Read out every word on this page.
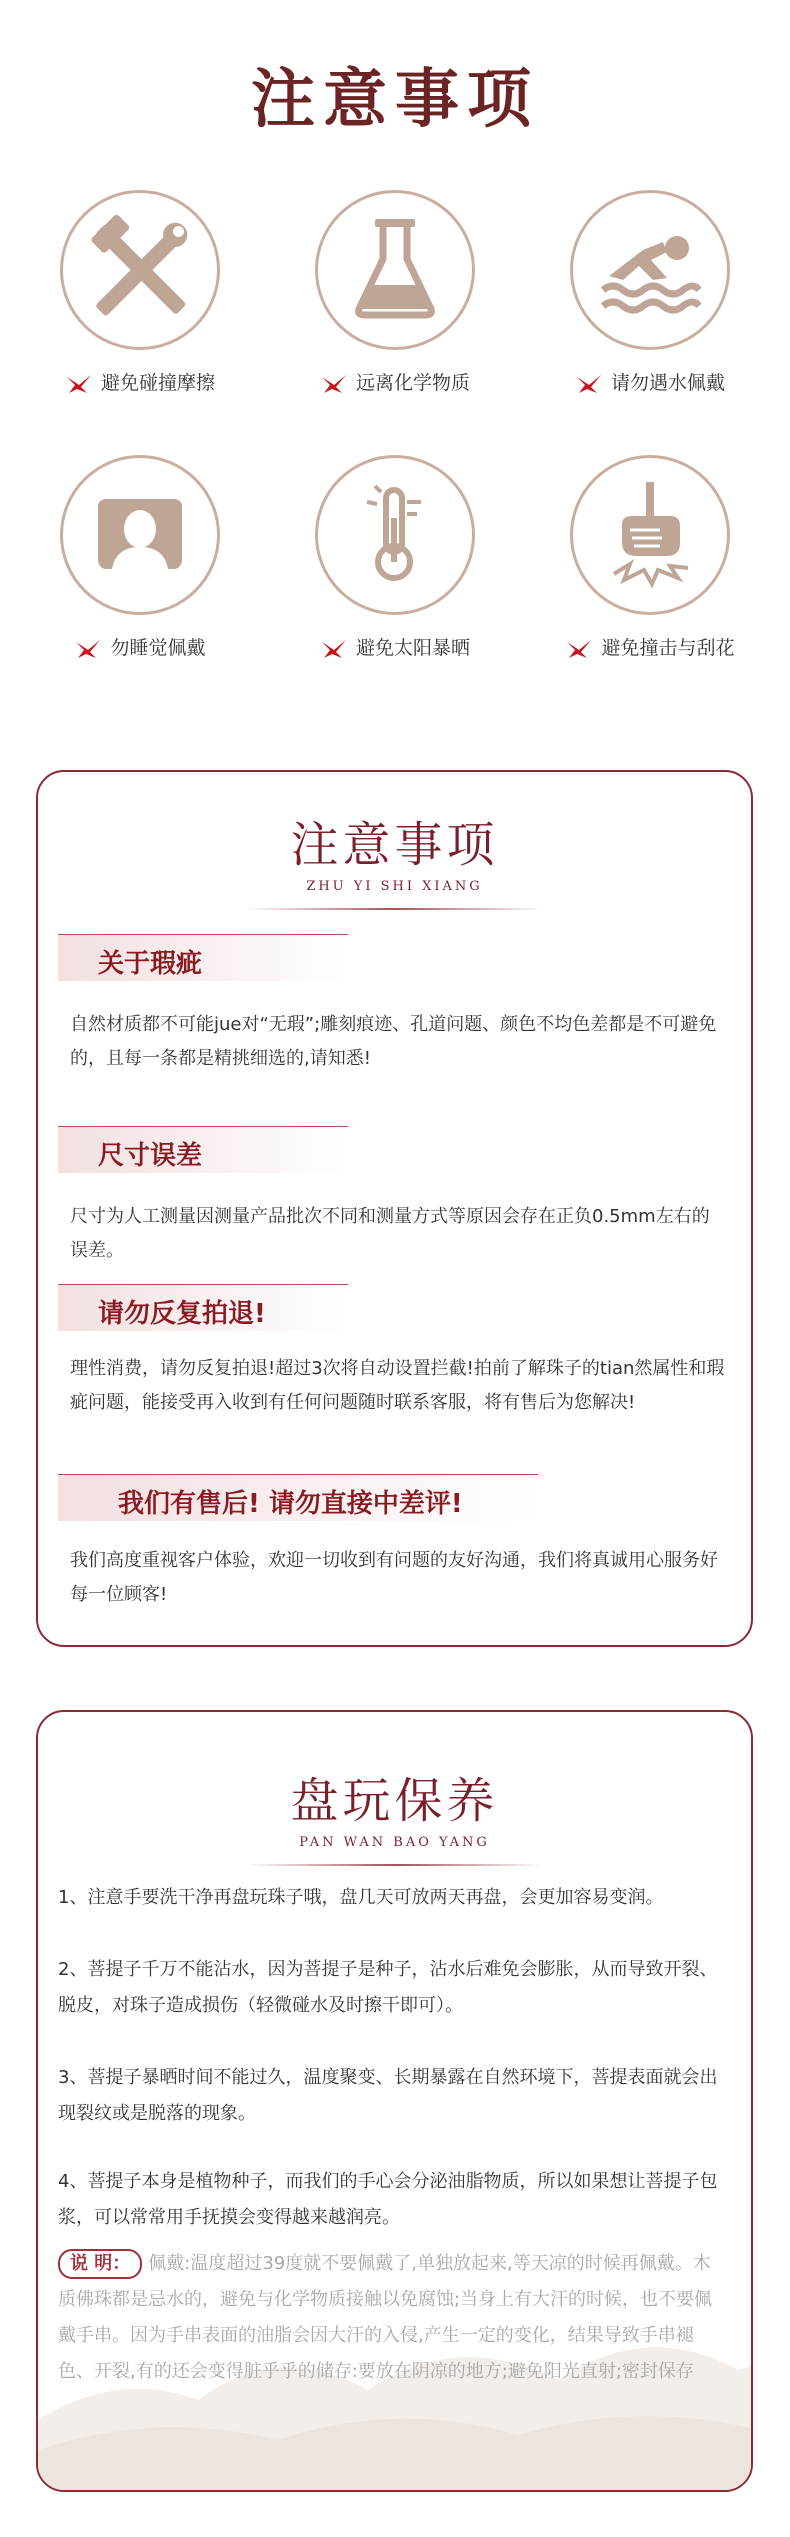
注意事项
避免碰撞摩擦	远离化学物质	请勿遇水佩戴
勿睡觉佩戴	避免太阳暴晒	避免撞击与刮花
注意事项
ZHU YI SHI XIANG
关于瑕疵
自然材质都不可能jue对“无瑕”;雕刻痕迹、孔道问题、颜色不均色差都是不可避免的，且每一条都是精挑细选的,请知悉!
尺寸误差
尺寸为人工测量因测量产品批次不同和测量方式等原因会存在正负0.5mm左右的误差。
请勿反复拍退!
理性消费，请勿反复拍退!超过3次将自动设置拦截!拍前了解珠子的tian然属性和瑕疵问题，能接受再入收到有任何问题随时联系客服，将有售后为您解决!
我们有售后! 请勿直接中差评!
我们高度重视客户体验，欢迎一切收到有问题的友好沟通，我们将真诚用心服务好每一位顾客!
盘玩保养
PAN WAN BAO YANG
1、注意手要洗干净再盘玩珠子哦，盘几天可放两天再盘，会更加容易变润。
2、菩提子千万不能沾水，因为菩提子是种子，沾水后难免会膨胀，从而导致开裂、脱皮，对珠子造成损伤（轻微碰水及时擦干即可）。
3、菩提子暴晒时间不能过久，温度聚变、长期暴露在自然环境下，菩提表面就会出现裂纹或是脱落的现象。
4、菩提子本身是植物种子，而我们的手心会分泌油脂物质，所以如果想让菩提子包浆，可以常常用手抚摸会变得越来越润亮。
说 明： 佩戴:温度超过39度就不要佩戴了,单独放起来,等天凉的时候再佩戴。木质佛珠都是忌水的，避免与化学物质接触以免腐蚀;当身上有大汗的时候，也不要佩戴手串。因为手串表面的油脂会因大汗的入侵,产生一定的变化，结果导致手串褪色、开裂,有的还会变得脏乎乎的储存:要放在阴凉的地方;避免阳光直射;密封保存
